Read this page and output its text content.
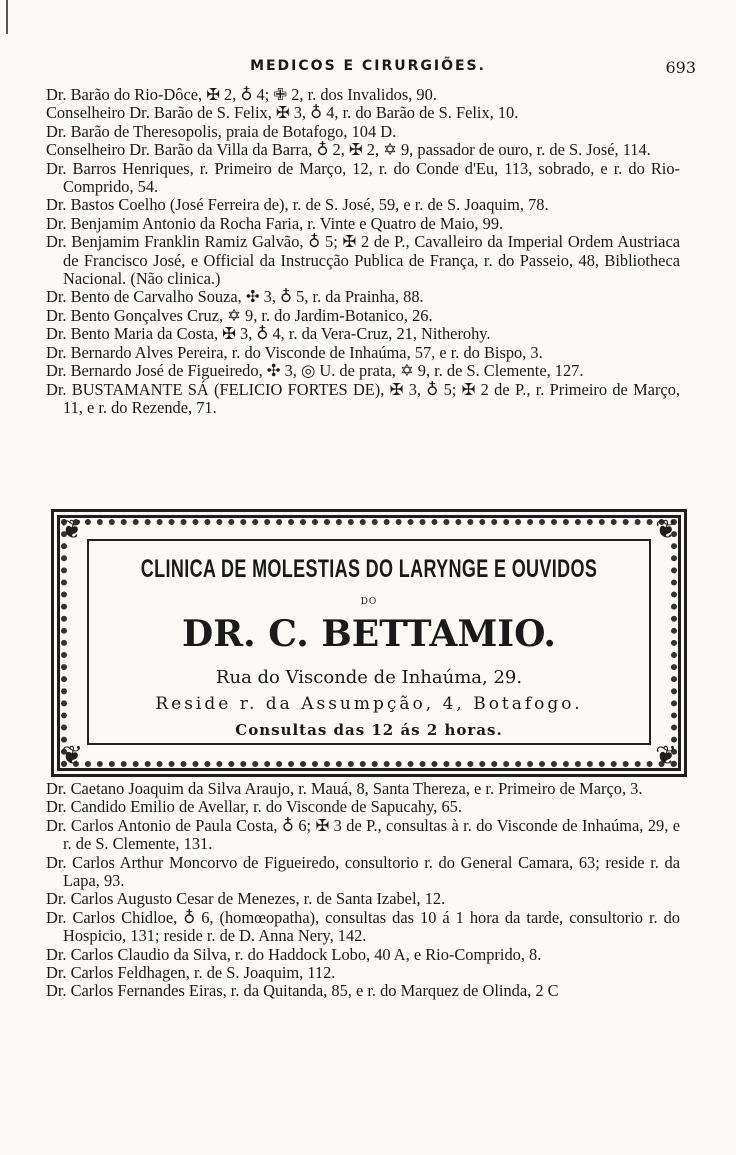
MEDICOS E CIRURGIÕES.	693
Dr. Barão do Rio-Dôce, ✠ 2, ♁ 4; ✙ 2, r. dos Invalidos, 90.
Conselheiro Dr. Barão de S. Felix, ✠ 3, ♁ 4, r. do Barão de S. Felix, 10.
Dr. Barão de Theresopolis, praia de Botafogo, 104 D.
Conselheiro Dr. Barão da Villa da Barra, ♁ 2, ✠ 2, ✡ 9, passador de ouro, r. de S. José, 114.
Dr. Barros Henriques, r. Primeiro de Março, 12, r. do Conde d'Eu, 113, sobrado, e r. do Rio-Comprido, 54.
Dr. Bastos Coelho (José Ferreira de), r. de S. José, 59, e r. de S. Joaquim, 78.
Dr. Benjamim Antonio da Rocha Faria, r. Vinte e Quatro de Maio, 99.
Dr. Benjamim Franklin Ramiz Galvão, ♁ 5; ✠ 2 de P., Cavalleiro da Imperial Ordem Austriaca de Francisco José, e Official da Instrucção Publica de França, r. do Passeio, 48, Bibliotheca Nacional. (Não clinica.)
Dr. Bento de Carvalho Souza, ✣ 3, ♁ 5, r. da Prainha, 88.
Dr. Bento Gonçalves Cruz, ✡ 9, r. do Jardim-Botanico, 26.
Dr. Bento Maria da Costa, ✠ 3, ♁ 4, r. da Vera-Cruz, 21, Nitherohy.
Dr. Bernardo Alves Pereira, r. do Visconde de Inhaúma, 57, e r. do Bispo, 3.
Dr. Bernardo José de Figueiredo, ✣ 3, ◎ U. de prata, ✡ 9, r. de S. Clemente, 127.
Dr. BUSTAMANTE SÁ (FELICIO FORTES DE), ✠ 3, ♁ 5; ✠ 2 de P., r. Primeiro de Março, 11, e r. do Rezende, 71.
❦	❦
❦	❦
CLINICA DE MOLESTIAS DO LARYNGE E OUVIDOS
DO
DR. C. BETTAMIO.
Rua do Visconde de Inhaúma, 29.
Reside r. da Assumpção, 4, Botafogo.
Consultas das 12 ás 2 horas.
Dr. Caetano Joaquim da Silva Araujo, r. Mauá, 8, Santa Thereza, e r. Primeiro de Março, 3.
Dr. Candido Emilio de Avellar, r. do Visconde de Sapucahy, 65.
Dr. Carlos Antonio de Paula Costa, ♁ 6; ✠ 3 de P., consultas à r. do Visconde de Inhaúma, 29, e r. de S. Clemente, 131.
Dr. Carlos Arthur Moncorvo de Figueiredo, consultorio r. do General Camara, 63; reside r. da Lapa, 93.
Dr. Carlos Augusto Cesar de Menezes, r. de Santa Izabel, 12.
Dr. Carlos Chidloe, ♁ 6, (homœopatha), consultas das 10 á 1 hora da tarde, consultorio r. do Hospicio, 131; reside r. de D. Anna Nery, 142.
Dr. Carlos Claudio da Silva, r. do Haddock Lobo, 40 A, e Rio-Comprido, 8.
Dr. Carlos Feldhagen, r. de S. Joaquim, 112.
Dr. Carlos Fernandes Eiras, r. da Quitanda, 85, e r. do Marquez de Olinda, 2 C
